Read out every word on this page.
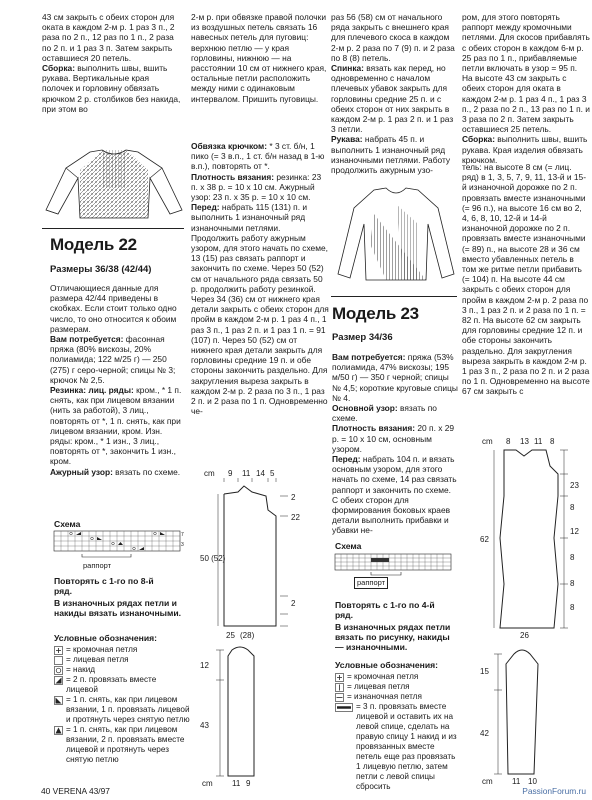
43 см закрыть с обеих сторон для оката в каждом 2-м р. 1 раз 3 п., 2 раза по 2 п., 12 раз по 1 п., 2 раза по 2 п. и 1 раз 3 п. Затем закрыть оставшиеся 20 петель.

Сборка: выполнить швы, вшить рукава. Вертикальные края полочек и горловину обвязать крючком 2 р. столбиков без накида, при этом во

2-м р. при обвязке правой полочки из воздушных петель связать 16 навесных петель для пуговиц: верхнюю петлю — у края горловины, нижнюю — на расстоянии 10 см от нижнего края, остальные петли расположить между ними с одинаковым интервалом. Пришить пуговицы.

раз 56 (58) см от начального ряда закрыть с внешнего края для плечевого скоса в каждом 2-м р. 2 раза по 7 (9) п. и 2 раза по 8 (8) петель.

Спинка: вязать как перед, но одновременно с началом плечевых убавок закрыть для горловины средние 25 п. и с обеих сторон от них закрыть в каждом 2-м р. 1 раз 2 п. и 1 раз 3 петли.

Рукава: набрать 45 п. и выполнить 1 изнаночный ряд изнаночными петлями. Работу продолжить ажурным узо-

ром, для этого повторять раппорт между кромочными петлями. Для скосов прибавлять с обеих сторон в каждом 6-м р. 25 раз по 1 п., прибавляемые петли включать в узор = 95 п. На высоте 43 см закрыть с обеих сторон для оката в каждом 2-м р. 1 раз 4 п., 1 раз 3 п., 2 раза по 2 п., 13 раз по 1 п. и 3 раза по 2 п. Затем закрыть оставшиеся 25 петель.

Сборка: выполнить швы, вшить рукава. Края изделия обвязать крючком.

Модель 22
Размеры 36/38 (42/44)

Отличающиеся данные для размера 42/44 приведены в скобках. Если стоит только одно число, то оно относится к обоим размерам.

Вам потребуется: фасонная пряжа (80% вискозы, 20% полиамида; 122 м/25 г) — 250 (275) г серо-черной; спицы № 3; крючок № 2,5.

Резинка: лиц. ряды: кром., * 1 п. снять, как при лицевом вязании (нить за работой), 3 лиц., повторять от *, 1 п. снять, как при лицевом вязании, кром. Изн. ряды: кром., * 1 изн., 3 лиц., повторять от *, закончить 1 изн., кром.

Ажурный узор: вязать по схеме.

Обвязка крючком: * 3 ст. б/н, 1 пико (= 3 в.п., 1 ст. б/н назад в 1-ю в.п.), повторять от *.

Плотность вязания: резинка: 23 п. х 38 р. = 10 х 10 см. Ажурный узор: 23 п. х 35 р. = 10 х 10 см.

Перед: набрать 115 (131) п. и выполнить 1 изнаночный ряд изнаночными петлями. Продолжить работу ажурным узором, для этого начать по схеме, 13 (15) раз связать раппорт и закончить по схеме. Через 50 (52) см от начального ряда связать 50 р. продолжить работу резинкой. Через 34 (36) см от нижнего края детали закрыть с обеих сторон для пройм в каждом 2-м р. 1 раз 4 п., 1 раз 3 п., 1 раз 2 п. и 1 раз 1 п. = 91 (107) п. Через 50 (52) см от нижнего края детали закрыть для горловины средние 19 п. и обе стороны закончить раздельно. Для закругления выреза закрыть в каждом 2-м р. 2 раза по 3 п., 1 раз 2 п. и 2 раза по 1 п. Одновременно че-

Схема
7
3
раппорт
Повторять с 1-го по 8-й ряд.
В изнаночных рядах петли и накиды вязать изнаночными.
Условные обозначения:
= кромочная петля
= лицевая петля
= накид
= 2 п. провязать вместе лицевой
= 1 п. снять, как при лицевом вязании, 1 п. провязать лицевой и протянуть через снятую петлю
= 1 п. снять, как при лицевом вязании, 2 п. провязать вместе лицевой и протянуть через снятую петлю
cm 9 11 14 5
2
22
2
50 (52)
25 (28)
12
43
cm 11 9
Модель 23
Размер 34/36

Вам потребуется: пряжа (53% полиамида, 47% вискозы; 195 м/50 г) — 350 г черной; спицы № 4,5; короткие круговые спицы № 4.

Основной узор: вязать по схеме.

Плотность вязания: 20 п. х 29 р. = 10 х 10 см, основным узором.

Перед: набрать 104 п. и вязать основным узором, для этого начать по схеме, 14 раз связать раппорт и закончить по схеме. С обеих сторон для формирования боковых краев детали выполнить прибавки и убавки не-

тель: на высоте 8 см (= лиц. ряд) в 1, 3, 5, 7, 9, 11, 13-й и 15-й изнаночной дорожке по 2 п. провязать вместе изнаночными (= 96 п.), на высоте 16 см во 2, 4, 6, 8, 10, 12-й и 14-й изнаночной дорожке по 2 п. провязать вместе изнаночными (= 89) п., на высоте 28 и 36 см вместо убавленных петель в том же ритме петли прибавить (= 104) п. На высоте 44 см закрыть с обеих сторон для пройм в каждом 2-м р. 2 раза по 3 п., 1 раз 2 п. и 2 раза по 1 п. = 82 п. На высоте 62 см закрыть для горловины средние 12 п. и обе стороны закончить раздельно. Для закругления выреза закрыть в каждом 2-м р. 1 раз 3 п., 2 раза по 2 п. и 2 раза по 1 п. Одновременно на высоте 67 см закрыть с

Схема
раппорт
Повторять с 1-го по 4-й ряд.
В изнаночных рядах петли вязать по рисунку, накиды — изнаночными.
Условные обозначения:
= кромочная петля
= лицевая петля
= изнаночная петля
= 3 п. провязать вместе лицевой и оставить их на левой спице, сделать на правую спицу 1 накид и из провязанных вместе петель еще раз провязать 1 лицевую петлю, затем петли с левой спицы сбросить
cm 8 13 11 8
23
8
12
8
8
8
62
26
15
42
cm 11 10
40 VERENA 43/97	PassionForum.ru
